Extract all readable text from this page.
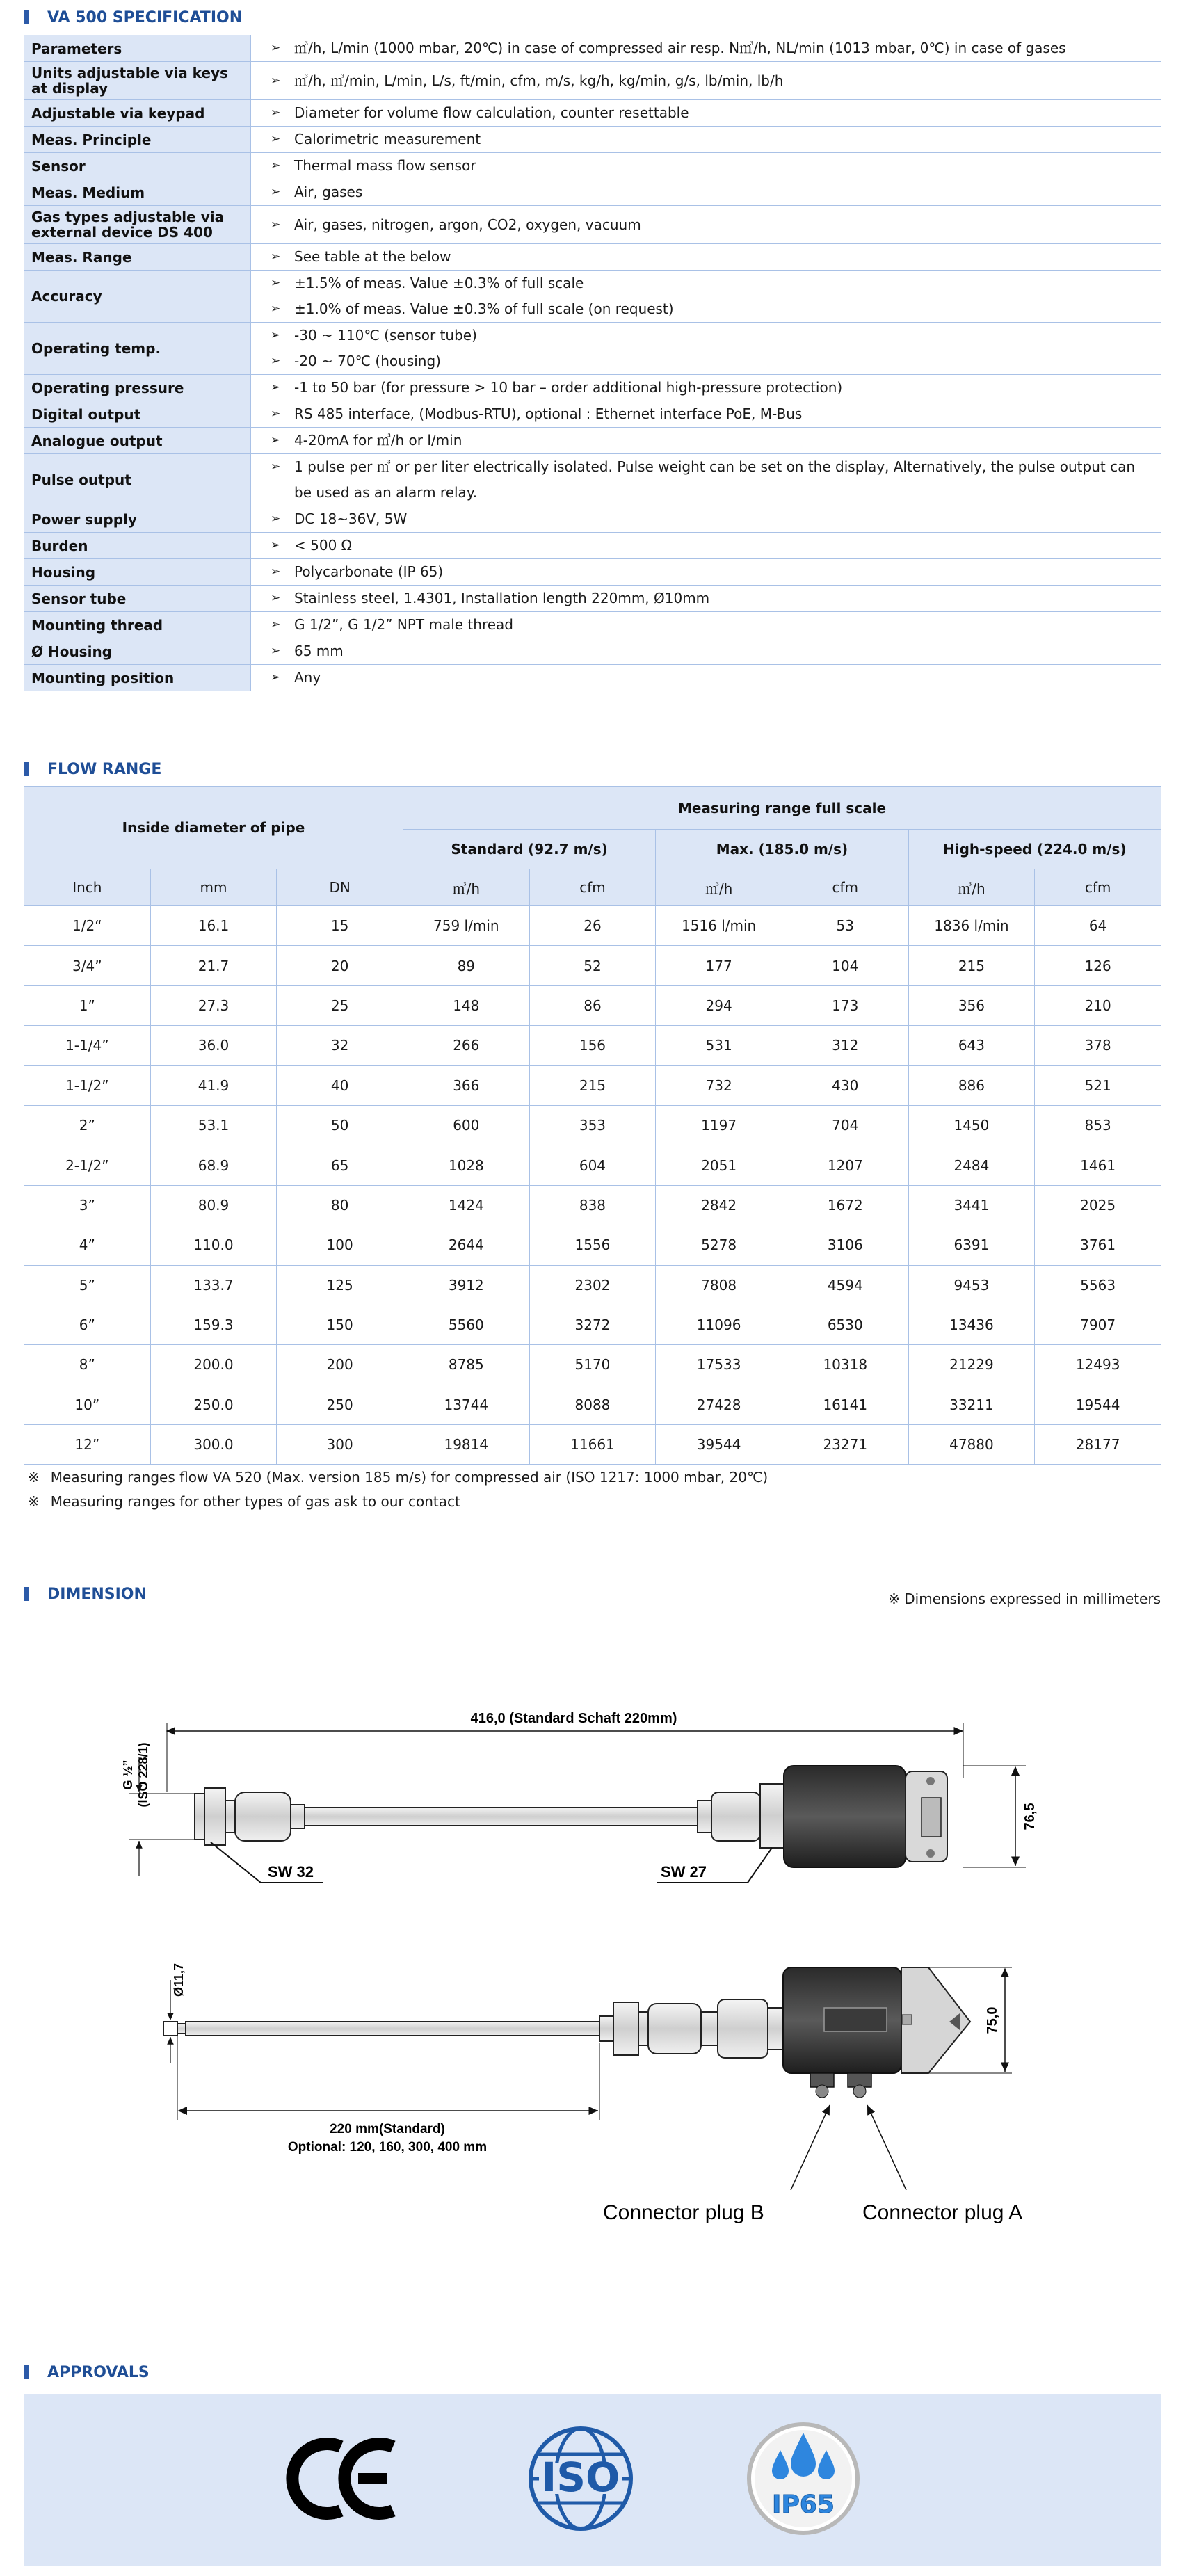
VA 500 SPECIFICATION
Parameters	➢ ㎥/h, L/min (1000 mbar, 20℃) in case of compressed air resp. N㎥/h, NL/min (1013 mbar, 0℃) in case of gases

Units adjustable via keys at display	➢ ㎥/h, ㎥/min, L/min, L/s, ft/min, cfm, m/s, kg/h, kg/min, g/s, lb/min, lb/h

Adjustable via keypad	➢ Diameter for volume flow calculation, counter resettable

Meas. Principle	➢ Calorimetric measurement

Sensor	➢ Thermal mass flow sensor

Meas. Medium	➢ Air, gases

Gas types adjustable via external device DS 400	➢ Air, gases, nitrogen, argon, CO2, oxygen, vacuum

Meas. Range	➢ See table at the below

Accuracy	➢ ±1.5% of meas. Value ±0.3% of full scale
➢ ±1.0% of meas. Value ±0.3% of full scale (on request)

Operating temp.	➢ -30 ~ 110℃ (sensor tube)
➢ -20 ~ 70℃ (housing)

Operating pressure	➢ -1 to 50 bar (for pressure > 10 bar – order additional high-pressure protection)

Digital output	➢ RS 485 interface, (Modbus-RTU), optional : Ethernet interface PoE, M-Bus

Analogue output	➢ 4-20mA for ㎥/h or l/min

Pulse output	➢ 1 pulse per ㎥ or per liter electrically isolated. Pulse weight can be set on the display, Alternatively, the pulse output can be used as an alarm relay.

Power supply	➢ DC 18~36V, 5W

Burden	➢ < 500 Ω

Housing	➢ Polycarbonate (IP 65)

Sensor tube	➢ Stainless steel, 1.4301, Installation length 220mm, Ø10mm

Mounting thread	➢ G 1/2”, G 1/2” NPT male thread

Ø Housing	➢ 65 mm

Mounting position	➢ Any
FLOW RANGE
Inside diameter of pipe			Measuring range full scale					
			Standard (92.7 m/s)		Max. (185.0 m/s)		High-speed (224.0 m/s)	
Inch	mm	DN	㎥/h	cfm	㎥/h	cfm	㎥/h	cfm
1/2“	16.1	15	759 l/min	26	1516 l/min	53	1836 l/min	64
3/4”	21.7	20	89	52	177	104	215	126
1”	27.3	25	148	86	294	173	356	210
1-1/4”	36.0	32	266	156	531	312	643	378
1-1/2”	41.9	40	366	215	732	430	886	521
2”	53.1	50	600	353	1197	704	1450	853
2-1/2”	68.9	65	1028	604	2051	1207	2484	1461
3”	80.9	80	1424	838	2842	1672	3441	2025
4”	110.0	100	2644	1556	5278	3106	6391	3761
5”	133.7	125	3912	2302	7808	4594	9453	5563
6”	159.3	150	5560	3272	11096	6530	13436	7907
8”	200.0	200	8785	5170	17533	10318	21229	12493
10”	250.0	250	13744	8088	27428	16141	33211	19544
12”	300.0	300	19814	11661	39544	23271	47880	28177
※ Measuring ranges flow VA 520 (Max. version 185 m/s) for compressed air (ISO 1217: 1000 mbar, 20℃)
※ Measuring ranges for other types of gas ask to our contact
DIMENSION	※ Dimensions expressed in millimeters
416,0 (Standard Schaft 220mm)
G ½” (ISO 228/1)
76,5
SW 32	SW 27
Ø11,7
75,0
220 mm(Standard)
Optional: 120, 160, 300, 400 mm
Connector plug B	Connector plug A
APPROVALS
ISO
IP65
